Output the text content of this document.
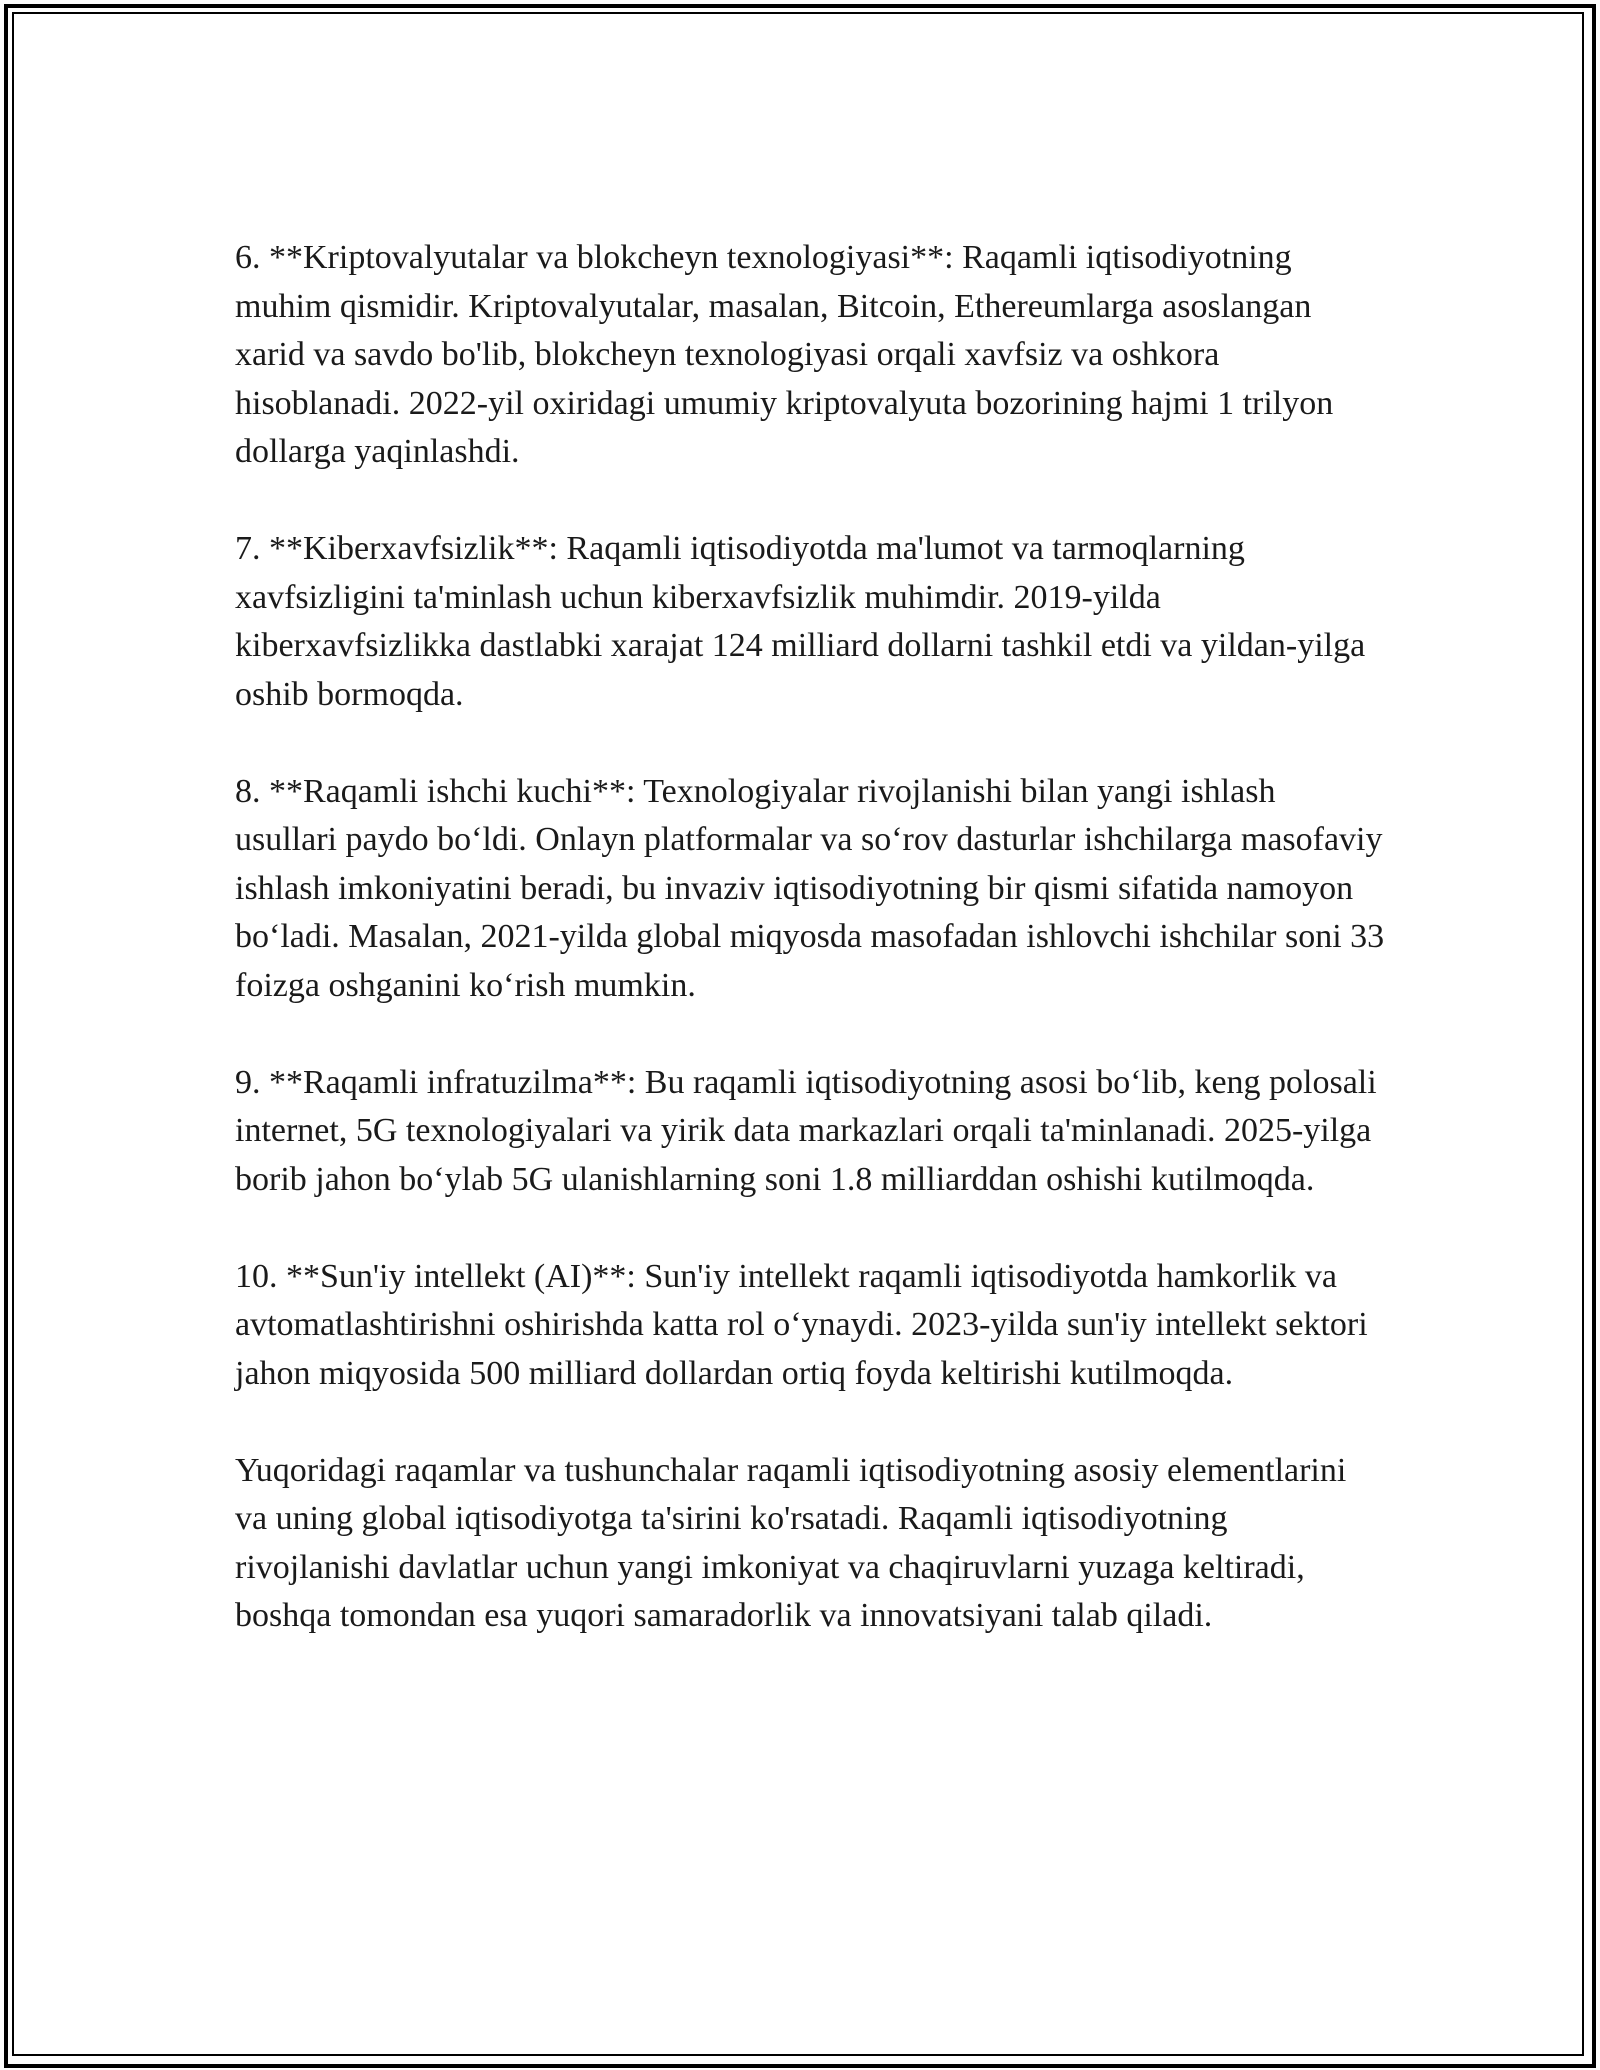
6. **Kriptovalyutalar va blokcheyn texnologiyasi**: Raqamli iqtisodiyotning muhim qismidir. Kriptovalyutalar, masalan, Bitcoin, Ethereumlarga asoslangan xarid va savdo bo'lib, blokcheyn texnologiyasi orqali xavfsiz va oshkora hisoblanadi. 2022-yil oxiridagi umumiy kriptovalyuta bozorining hajmi 1 trilyon dollarga yaqinlashdi.

7. **Kiberxavfsizlik**: Raqamli iqtisodiyotda ma'lumot va tarmoqlarning xavfsizligini ta'minlash uchun kiberxavfsizlik muhimdir. 2019-yilda kiberxavfsizlikka dastlabki xarajat 124 milliard dollarni tashkil etdi va yildan-yilga oshib bormoqda.

8. **Raqamli ishchi kuchi**: Texnologiyalar rivojlanishi bilan yangi ishlash usullari paydo bo‘ldi. Onlayn platformalar va so‘rov dasturlar ishchilarga masofaviy ishlash imkoniyatini beradi, bu invaziv iqtisodiyotning bir qismi sifatida namoyon bo‘ladi. Masalan, 2021-yilda global miqyosda masofadan ishlovchi ishchilar soni 33 foizga oshganini ko‘rish mumkin.

9. **Raqamli infratuzilma**: Bu raqamli iqtisodiyotning asosi bo‘lib, keng polosali internet, 5G texnologiyalari va yirik data markazlari orqali ta'minlanadi. 2025-yilga borib jahon bo‘ylab 5G ulanishlarning soni 1.8 milliarddan oshishi kutilmoqda.

10. **Sun'iy intellekt (AI)**: Sun'iy intellekt raqamli iqtisodiyotda hamkorlik va avtomatlashtirishni oshirishda katta rol o‘ynaydi. 2023-yilda sun'iy intellekt sektori jahon miqyosida 500 milliard dollardan ortiq foyda keltirishi kutilmoqda.

Yuqoridagi raqamlar va tushunchalar raqamli iqtisodiyotning asosiy elementlarini va uning global iqtisodiyotga ta'sirini ko'rsatadi. Raqamli iqtisodiyotning rivojlanishi davlatlar uchun yangi imkoniyat va chaqiruvlarni yuzaga keltiradi, boshqa tomondan esa yuqori samaradorlik va innovatsiyani talab qiladi.
